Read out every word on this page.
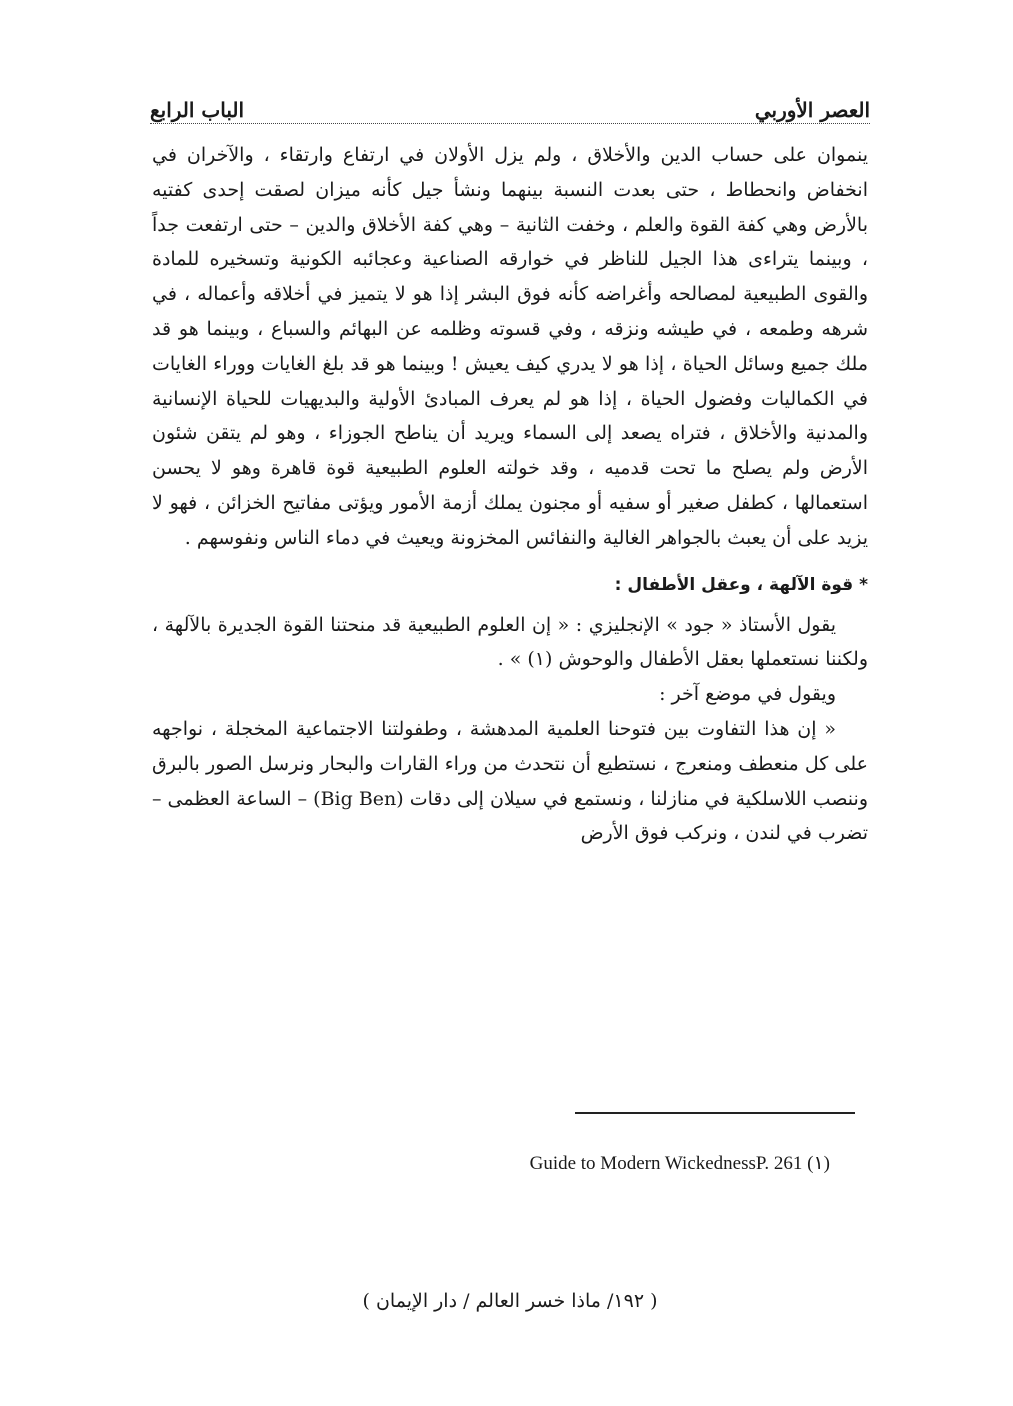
العصر الأوربي
الباب الرابع

ينموان على حساب الدين والأخلاق ، ولم يزل الأولان في ارتفاع وارتقاء ، والآخران في انخفاض وانحطاط ، حتى بعدت النسبة بينهما ونشأ جيل كأنه ميزان لصقت إحدى كفتيه بالأرض وهي كفة القوة والعلم ، وخفت الثانية – وهي كفة الأخلاق والدين – حتى ارتفعت جداً ، وبينما يتراءى هذا الجيل للناظر في خوارقه الصناعية وعجائبه الكونية وتسخيره للمادة والقوى الطبيعية لمصالحه وأغراضه كأنه فوق البشر إذا هو لا يتميز في أخلاقه وأعماله ، في شرهه وطمعه ، في طيشه ونزقه ، وفي قسوته وظلمه عن البهائم والسباع ، وبينما هو قد ملك جميع وسائل الحياة ، إذا هو لا يدري كيف يعيش ! وبينما هو قد بلغ الغايات ووراء الغايات في الكماليات وفضول الحياة ، إذا هو لم يعرف المبادئ الأولية والبديهيات للحياة الإنسانية والمدنية والأخلاق ، فتراه يصعد إلى السماء ويريد أن يناطح الجوزاء ، وهو لم يتقن شئون الأرض ولم يصلح ما تحت قدميه ، وقد خولته العلوم الطبيعية قوة قاهرة وهو لا يحسن استعمالها ، كطفل صغير أو سفيه أو مجنون يملك أزمة الأمور ويؤتى مفاتيح الخزائن ، فهو لا يزيد على أن يعبث بالجواهر الغالية والنفائس المخزونة ويعيث في دماء الناس ونفوسهم .

* قوة الآلهة ، وعقل الأطفال :

يقول الأستاذ « جود » الإنجليزي : « إن العلوم الطبيعية قد منحتنا القوة الجديرة بالآلهة ، ولكننا نستعملها بعقل الأطفال والوحوش (١) » .

ويقول في موضع آخر :

« إن هذا التفاوت بين فتوحنا العلمية المدهشة ، وطفولتنا الاجتماعية المخجلة ، نواجهه على كل منعطف ومنعرج ، نستطيع أن نتحدث من وراء القارات والبحار ونرسل الصور بالبرق وننصب اللاسلكية في منازلنا ، ونستمع في سيلان إلى دقات (Big Ben) – الساعة العظمى – تضرب في لندن ، ونركب فوق الأرض

Guide to Modern WickednessP. 261 (١)
( ١٩٢/ ماذا خسر العالم / دار الإيمان )
